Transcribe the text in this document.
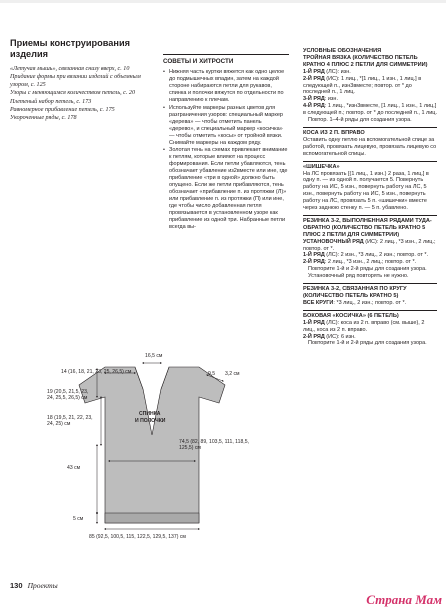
Приемы конструирования изделия
«Летучая мышь», связанная снизу вверх, с. 10
Придание формы при вязании изделий с объемным узором, с. 125
Узоры с меняющимся количеством петель, с. 20
Плетеный набор петель, с. 173
Равномерное прибавление петель, с. 175
Укороченные ряды, с. 178
СОВЕТЫ И ХИТРОСТИ
• Нижняя часть куртки вяжется как одно целое до подмышечных впадин, затем на каждой стороне набираются петли для рукавов, спинка и полочки вяжутся по отдельности по направлению к плечам.
• Используйте маркеры разных цветов для разграничения узоров: специальный маркер «дерева» — чтобы отметить панель «дерево», и специальный маркер «косичка» — чтобы отметить «косы» от тройной вязки. Снимайте маркеры на каждом ряду.
• Золотая тень на схемах привлекает внимание к петлям, которые влияют на процесс формирования. Если петли убавляются, тень обозначает убавление из2вместе или ине, где прибавление «три в одной» должно быть опущено. Если же петли прибавляются, тень обозначает «прибавление п. из протяжки (Л)» или прибавление п. из протяжки (П) или ине, где чтобы число добавленная петля провязывается в установленном узоре как прибавление из одной три. Набранные петли всегда вы-
УСЛОВНЫЕ ОБОЗНАЧЕНИЯ
ТРОЙНАЯ ВЯЗКА (КОЛИЧЕСТВО ПЕТЕЛЬ КРАТНО 4 ПЛЮС 2 ПЕТЛИ ДЛЯ СИММЕТРИИ)
1-Й РЯД (ЛС): изн.
2-Й РЯД (ИС): 1 лиц., *[1 лиц., 1 изн., 1 лиц.] в следующей п., изн3вместе; повтор. от * до последней п., 1 лиц.
3-Й РЯД: изн.
4-Й РЯД: 1 лиц., *изн3вместе, [1 лиц., 1 изн., 1 лиц.] в следующей п.; повтор. от * до последней п., 1 лиц.
Повтор. 1–4-й ряды для создания узора.
КОСА ИЗ 2 П. ВПРАВО
Оставить одну петлю на вспомогательной спице за работой, провязать лицевую, провязать лицевую со вспомогательной спицы.
«ШИШЕЧКА»
На ЛС провязать [(1 лиц., 1 изн.) 2 раза, 1 лиц.] в одну п. — из одной п. получается 5. Повернуть работу на ИС, 5 изн., повернуть работу на ЛС, 5 изн., повернуть работу на ИС, 5 изн., повернуть работу на ЛС, провязать 5 п. «шишечки» вместе через заднюю стенку п. — 5 п. убавлено.
РЕЗИНКА 3-2, ВЫПОЛНЕННАЯ РЯДАМИ ТУДА-ОБРАТНО (КОЛИЧЕСТВО ПЕТЕЛЬ КРАТНО 5 ПЛЮС 2 ПЕТЛИ ДЛЯ СИММЕТРИИ)
УСТАНОВОЧНЫЙ РЯД (ИС): 2 лиц., *3 изн., 2 лиц.; повтор. от *.
1-Й РЯД (ЛС): 2 изн., *3 лиц., 2 изн.; повтор. от *.
2-Й РЯД: 2 лиц., *3 изн., 2 лиц.; повтор. от *.
Повторите 1-й и 2-й ряды для создания узора. Установочный ряд повторять не нужно.
РЕЗИНКА 3-2, СВЯЗАННАЯ ПО КРУГУ (КОЛИЧЕСТВО ПЕТЕЛЬ КРАТНО 5)
ВСЕ КРУГИ: *3 лиц., 2 изн.; повтор. от *.
БОКОВАЯ «КОСИЧКА» (6 ПЕТЕЛЬ)
1-Й РЯД (ЛС): коса из 2 п. вправо (см. выше), 2 лиц., коса из 2 п. вправо.
2-Й РЯД (ИС): 6 изн.
Повторите 1-й и 2-й ряды для создания узора.
16,5 см
14 (16, 18, 21, 23, 25, 26,5) см	9,5 3,2 см
19 (20,5, 21,5, 23, 24, 25,5, 26,5) см
18 (19,5, 21, 22, 23, 24, 25) см
СПИНКА
И ПОЛОЧКИ
74,5 (82, 89, 103,5, 111, 118,5, 125,5) см
43 см
5 см
85 (92,5, 100,5, 115, 122,5, 129,5, 137) см
130 Проекты
Страна Мам
